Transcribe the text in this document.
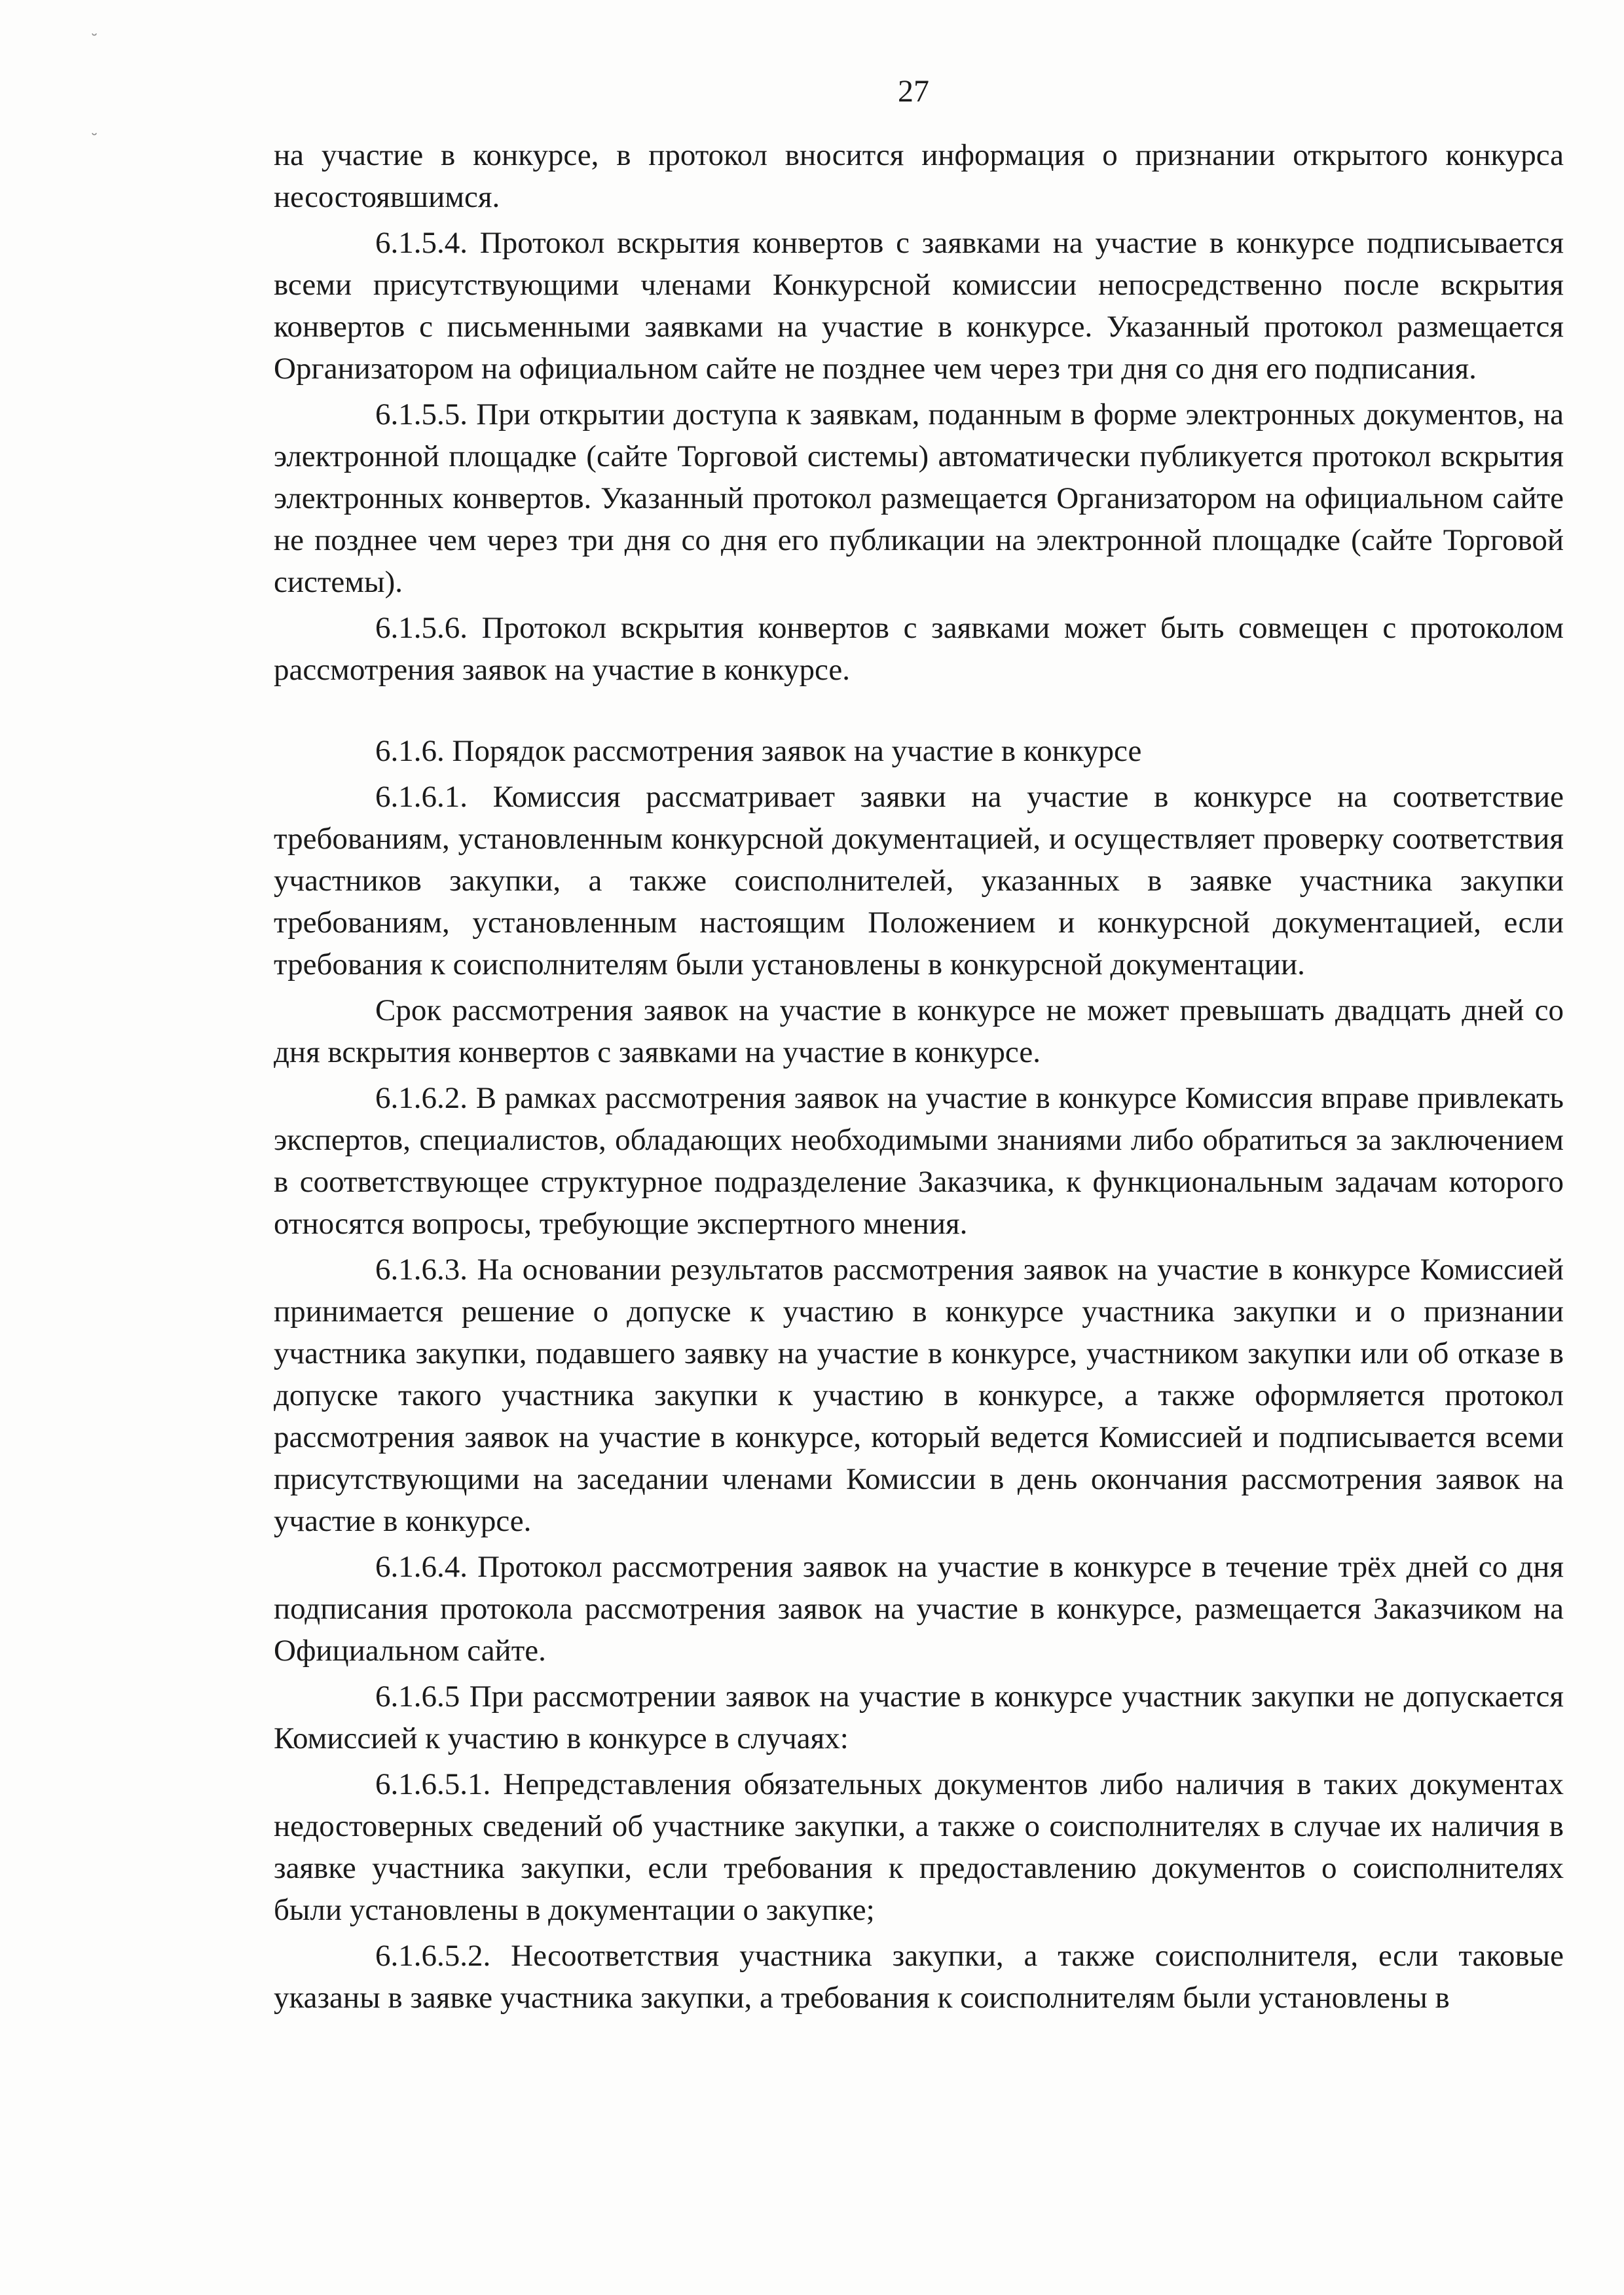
˘
˘
27

на участие в конкурсе, в протокол вносится информация о признании открытого конкурса несостоявшимся.

6.1.5.4. Протокол вскрытия конвертов с заявками на участие в конкурсе подписывается всеми присутствующими членами Конкурсной комиссии непосредственно после вскрытия конвертов с письменными заявками на участие в конкурсе. Указанный протокол размещается Организатором на официальном сайте не позднее чем через три дня со дня его подписания.

6.1.5.5. При открытии доступа к заявкам, поданным в форме электронных документов, на электронной площадке (сайте Торговой системы) автоматически публикуется протокол вскрытия электронных конвертов. Указанный протокол размещается Организатором на официальном сайте не позднее чем через три дня со дня его публикации на электронной площадке (сайте Торговой системы).

6.1.5.6. Протокол вскрытия конвертов с заявками может быть совмещен с протоколом рассмотрения заявок на участие в конкурсе.

6.1.6. Порядок рассмотрения заявок на участие в конкурсе

6.1.6.1. Комиссия рассматривает заявки на участие в конкурсе на соответствие требованиям, установленным конкурсной документацией, и осуществляет проверку соответствия участников закупки, а также соисполнителей, указанных в заявке участника закупки требованиям, установленным настоящим Положением и конкурсной документацией, если требования к соисполнителям были установлены в конкурсной документации.

Срок рассмотрения заявок на участие в конкурсе не может превышать двадцать дней со дня вскрытия конвертов с заявками на участие в конкурсе.

6.1.6.2. В рамках рассмотрения заявок на участие в конкурсе Комиссия вправе привлекать экспертов, специалистов, обладающих необходимыми знаниями либо обратиться за заключением в соответствующее структурное подразделение Заказчика, к функциональным задачам которого относятся вопросы, требующие экспертного мнения.

6.1.6.3. На основании результатов рассмотрения заявок на участие в конкурсе Комиссией принимается решение о допуске к участию в конкурсе участника закупки и о признании участника закупки, подавшего заявку на участие в конкурсе, участником закупки или об отказе в допуске такого участника закупки к участию в конкурсе, а также оформляется протокол рассмотрения заявок на участие в конкурсе, который ведется Комиссией и подписывается всеми присутствующими на заседании членами Комиссии в день окончания рассмотрения заявок на участие в конкурсе.

6.1.6.4. Протокол рассмотрения заявок на участие в конкурсе в течение трёх дней со дня подписания протокола рассмотрения заявок на участие в конкурсе, размещается Заказчиком на Официальном сайте.

6.1.6.5 При рассмотрении заявок на участие в конкурсе участник закупки не допускается Комиссией к участию в конкурсе в случаях:

6.1.6.5.1. Непредставления обязательных документов либо наличия в таких документах недостоверных сведений об участнике закупки, а также о соисполнителях в случае их наличия в заявке участника закупки, если требования к предоставлению документов о соисполнителях были установлены в документации о закупке;

6.1.6.5.2. Несоответствия участника закупки, а также соисполнителя, если таковые указаны в заявке участника закупки, а требования к соисполнителям были установлены в
